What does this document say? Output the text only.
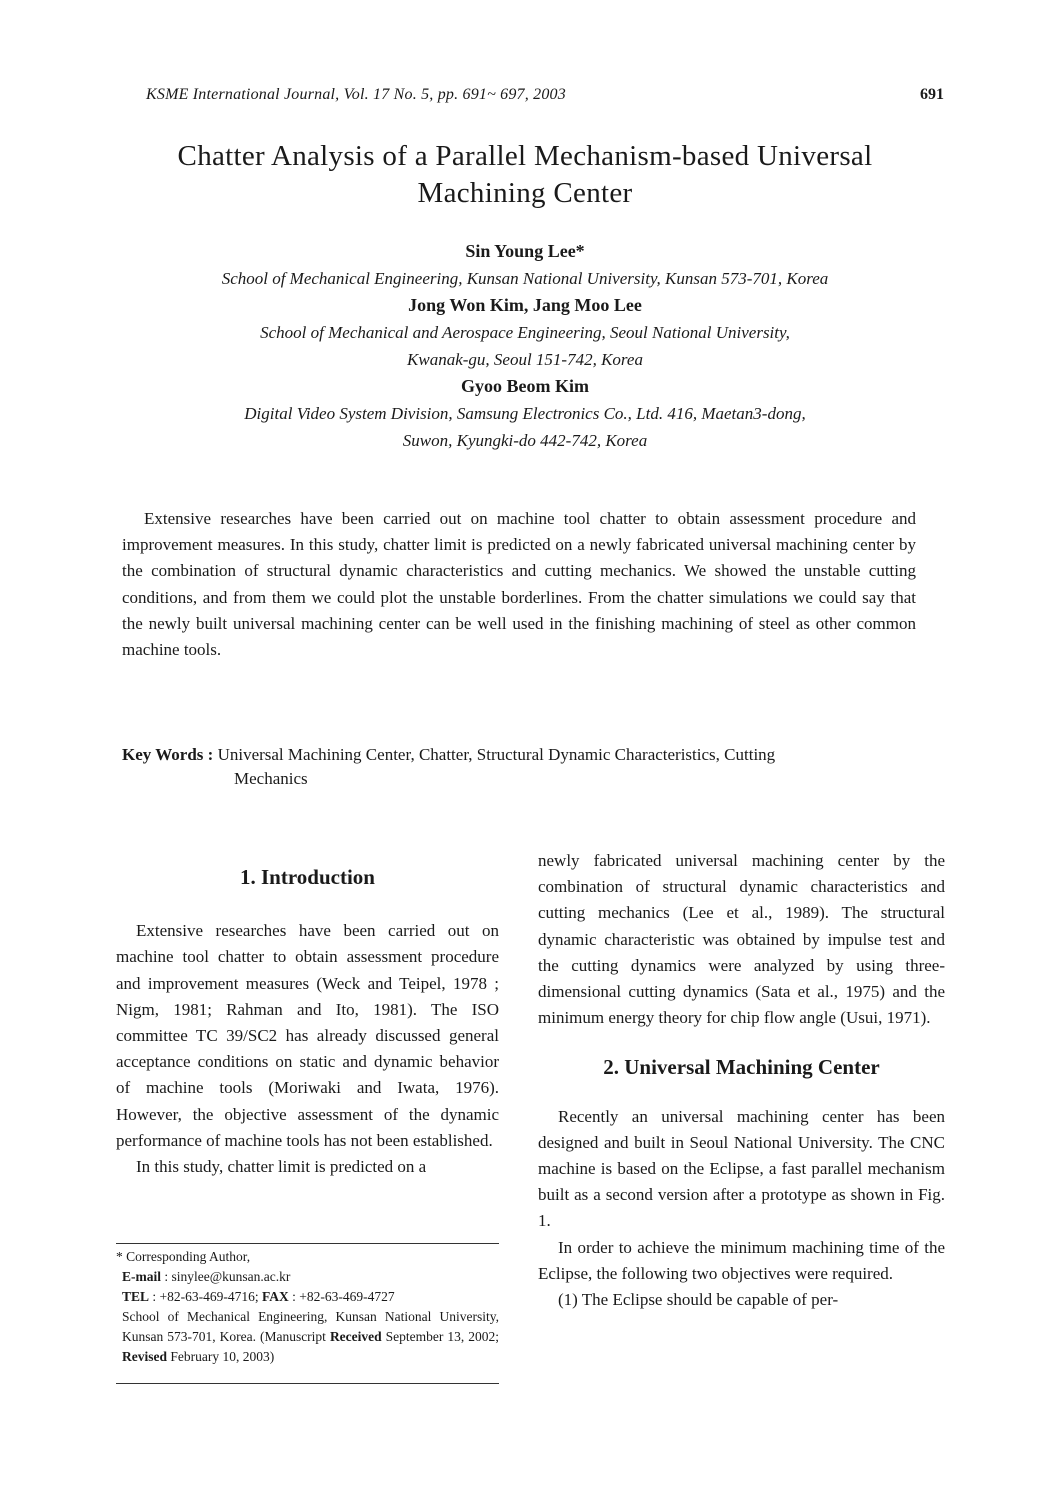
KSME International Journal, Vol. 17 No. 5, pp. 691~ 697, 2003	691
Chatter Analysis of a Parallel Mechanism-based Universal
Machining Center
Sin Young Lee*
School of Mechanical Engineering, Kunsan National University, Kunsan 573-701, Korea
Jong Won Kim, Jang Moo Lee
School of Mechanical and Aerospace Engineering, Seoul National University,
Kwanak-gu, Seoul 151-742, Korea
Gyoo Beom Kim
Digital Video System Division, Samsung Electronics Co., Ltd. 416, Maetan3-dong,
Suwon, Kyungki-do 442-742, Korea
Extensive researches have been carried out on machine tool chatter to obtain assessment procedure and improvement measures. In this study, chatter limit is predicted on a newly fabricated universal machining center by the combination of structural dynamic characteristics and cutting mechanics. We showed the unstable cutting conditions, and from them we could plot the unstable borderlines. From the chatter simulations we could say that the newly built universal machining center can be well used in the finishing machining of steel as other common machine tools.
Key Words : Universal Machining Center, Chatter, Structural Dynamic Characteristics, Cutting
Mechanics
1. Introduction
Extensive researches have been carried out on machine tool chatter to obtain assessment procedure and improvement measures (Weck and Teipel, 1978 ; Nigm, 1981; Rahman and Ito, 1981). The ISO committee TC 39/SC2 has already discussed general acceptance conditions on static and dynamic behavior of machine tools (Moriwaki and Iwata, 1976). However, the objective assessment of the dynamic performance of machine tools has not been established.
In this study, chatter limit is predicted on a
* Corresponding Author,
E-mail : sinylee@kunsan.ac.kr
TEL : +82-63-469-4716; FAX : +82-63-469-4727
School of Mechanical Engineering, Kunsan National University, Kunsan 573-701, Korea. (Manuscript Received September 13, 2002; Revised February 10, 2003)
newly fabricated universal machining center by the combination of structural dynamic characteristics and cutting mechanics (Lee et al., 1989). The structural dynamic characteristic was obtained by impulse test and the cutting dynamics were analyzed by using three-dimensional cutting dynamics (Sata et al., 1975) and the minimum energy theory for chip flow angle (Usui, 1971).
2. Universal Machining Center
Recently an universal machining center has been designed and built in Seoul National University. The CNC machine is based on the Eclipse, a fast parallel mechanism built as a second version after a prototype as shown in Fig. 1.
In order to achieve the minimum machining time of the Eclipse, the following two objectives were required.
(1) The Eclipse should be capable of per-
